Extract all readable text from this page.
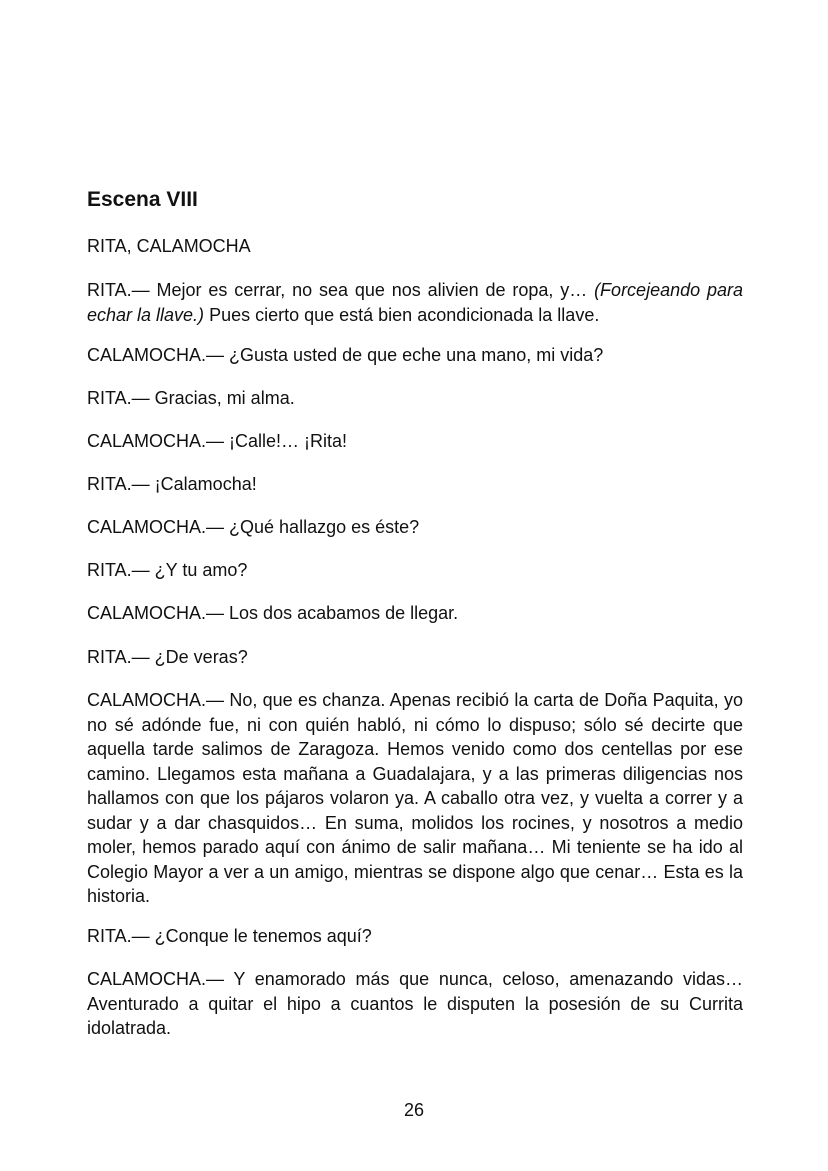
Escena VIII

RITA, CALAMOCHA

RITA.— Mejor es cerrar, no sea que nos alivien de ropa, y… (Forcejeando para echar la llave.) Pues cierto que está bien acondicionada la llave.

CALAMOCHA.— ¿Gusta usted de que eche una mano, mi vida?

RITA.— Gracias, mi alma.

CALAMOCHA.— ¡Calle!… ¡Rita!

RITA.— ¡Calamocha!

CALAMOCHA.— ¿Qué hallazgo es éste?

RITA.— ¿Y tu amo?

CALAMOCHA.— Los dos acabamos de llegar.

RITA.— ¿De veras?

CALAMOCHA.— No, que es chanza. Apenas recibió la carta de Doña Paquita, yo no sé adónde fue, ni con quién habló, ni cómo lo dispuso; sólo sé decirte que aquella tarde salimos de Zaragoza. Hemos venido como dos centellas por ese camino. Llegamos esta mañana a Guadalajara, y a las primeras diligencias nos hallamos con que los pájaros volaron ya. A caballo otra vez, y vuelta a correr y a sudar y a dar chasquidos… En suma, molidos los rocines, y nosotros a medio moler, hemos parado aquí con ánimo de salir mañana… Mi teniente se ha ido al Colegio Mayor a ver a un amigo, mientras se dispone algo que cenar… Esta es la historia.

RITA.— ¿Conque le tenemos aquí?

CALAMOCHA.— Y enamorado más que nunca, celoso, amenazando vidas… Aventurado a quitar el hipo a cuantos le disputen la posesión de su Currita idolatrada.

26
